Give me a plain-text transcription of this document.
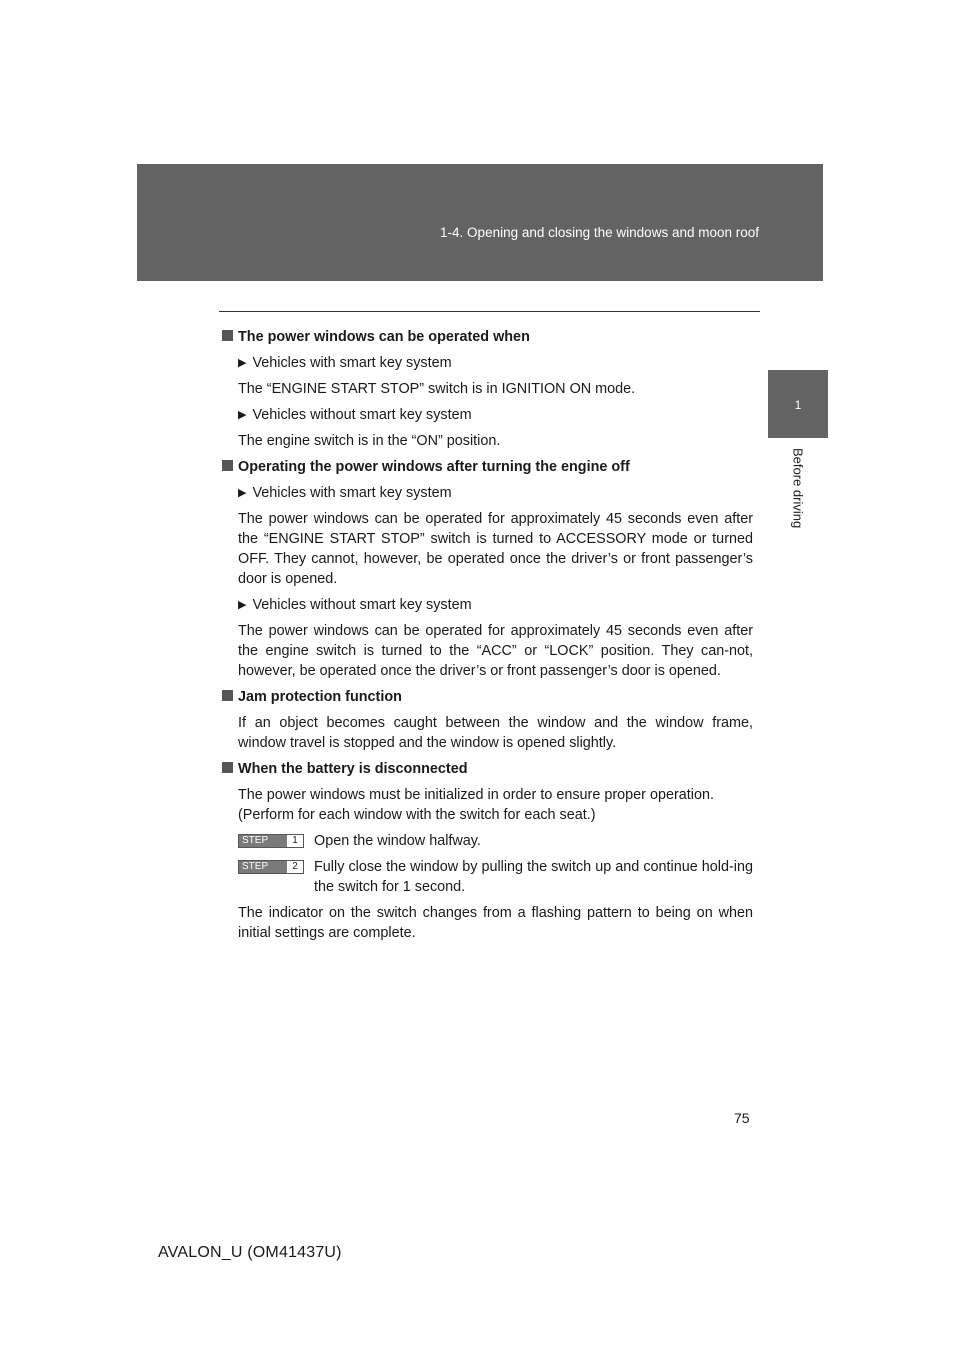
1-4. Opening and closing the windows and moon roof
1
Before driving
The power windows can be operated when
▶ Vehicles with smart key system
The “ENGINE START STOP” switch is in IGNITION ON mode.
▶ Vehicles without smart key system
The engine switch is in the “ON” position.
Operating the power windows after turning the engine off
▶ Vehicles with smart key system
The power windows can be operated for approximately 45 seconds even after the “ENGINE START STOP” switch is turned to ACCESSORY mode or turned OFF. They cannot, however, be operated once the driver’s or front passenger’s door is opened.
▶ Vehicles without smart key system
The power windows can be operated for approximately 45 seconds even after the engine switch is turned to the “ACC” or “LOCK” position. They can-not, however, be operated once the driver’s or front passenger’s door is opened.
Jam protection function
If an object becomes caught between the window and the window frame, window travel is stopped and the window is opened slightly.
When the battery is disconnected
The power windows must be initialized in order to ensure proper operation.
(Perform for each window with the switch for each seat.)
STEP	1	Open the window halfway.
STEP	2	Fully close the window by pulling the switch up and continue hold-ing the switch for 1 second.
The indicator on the switch changes from a flashing pattern to being on when initial settings are complete.
75
AVALON_U (OM41437U)
